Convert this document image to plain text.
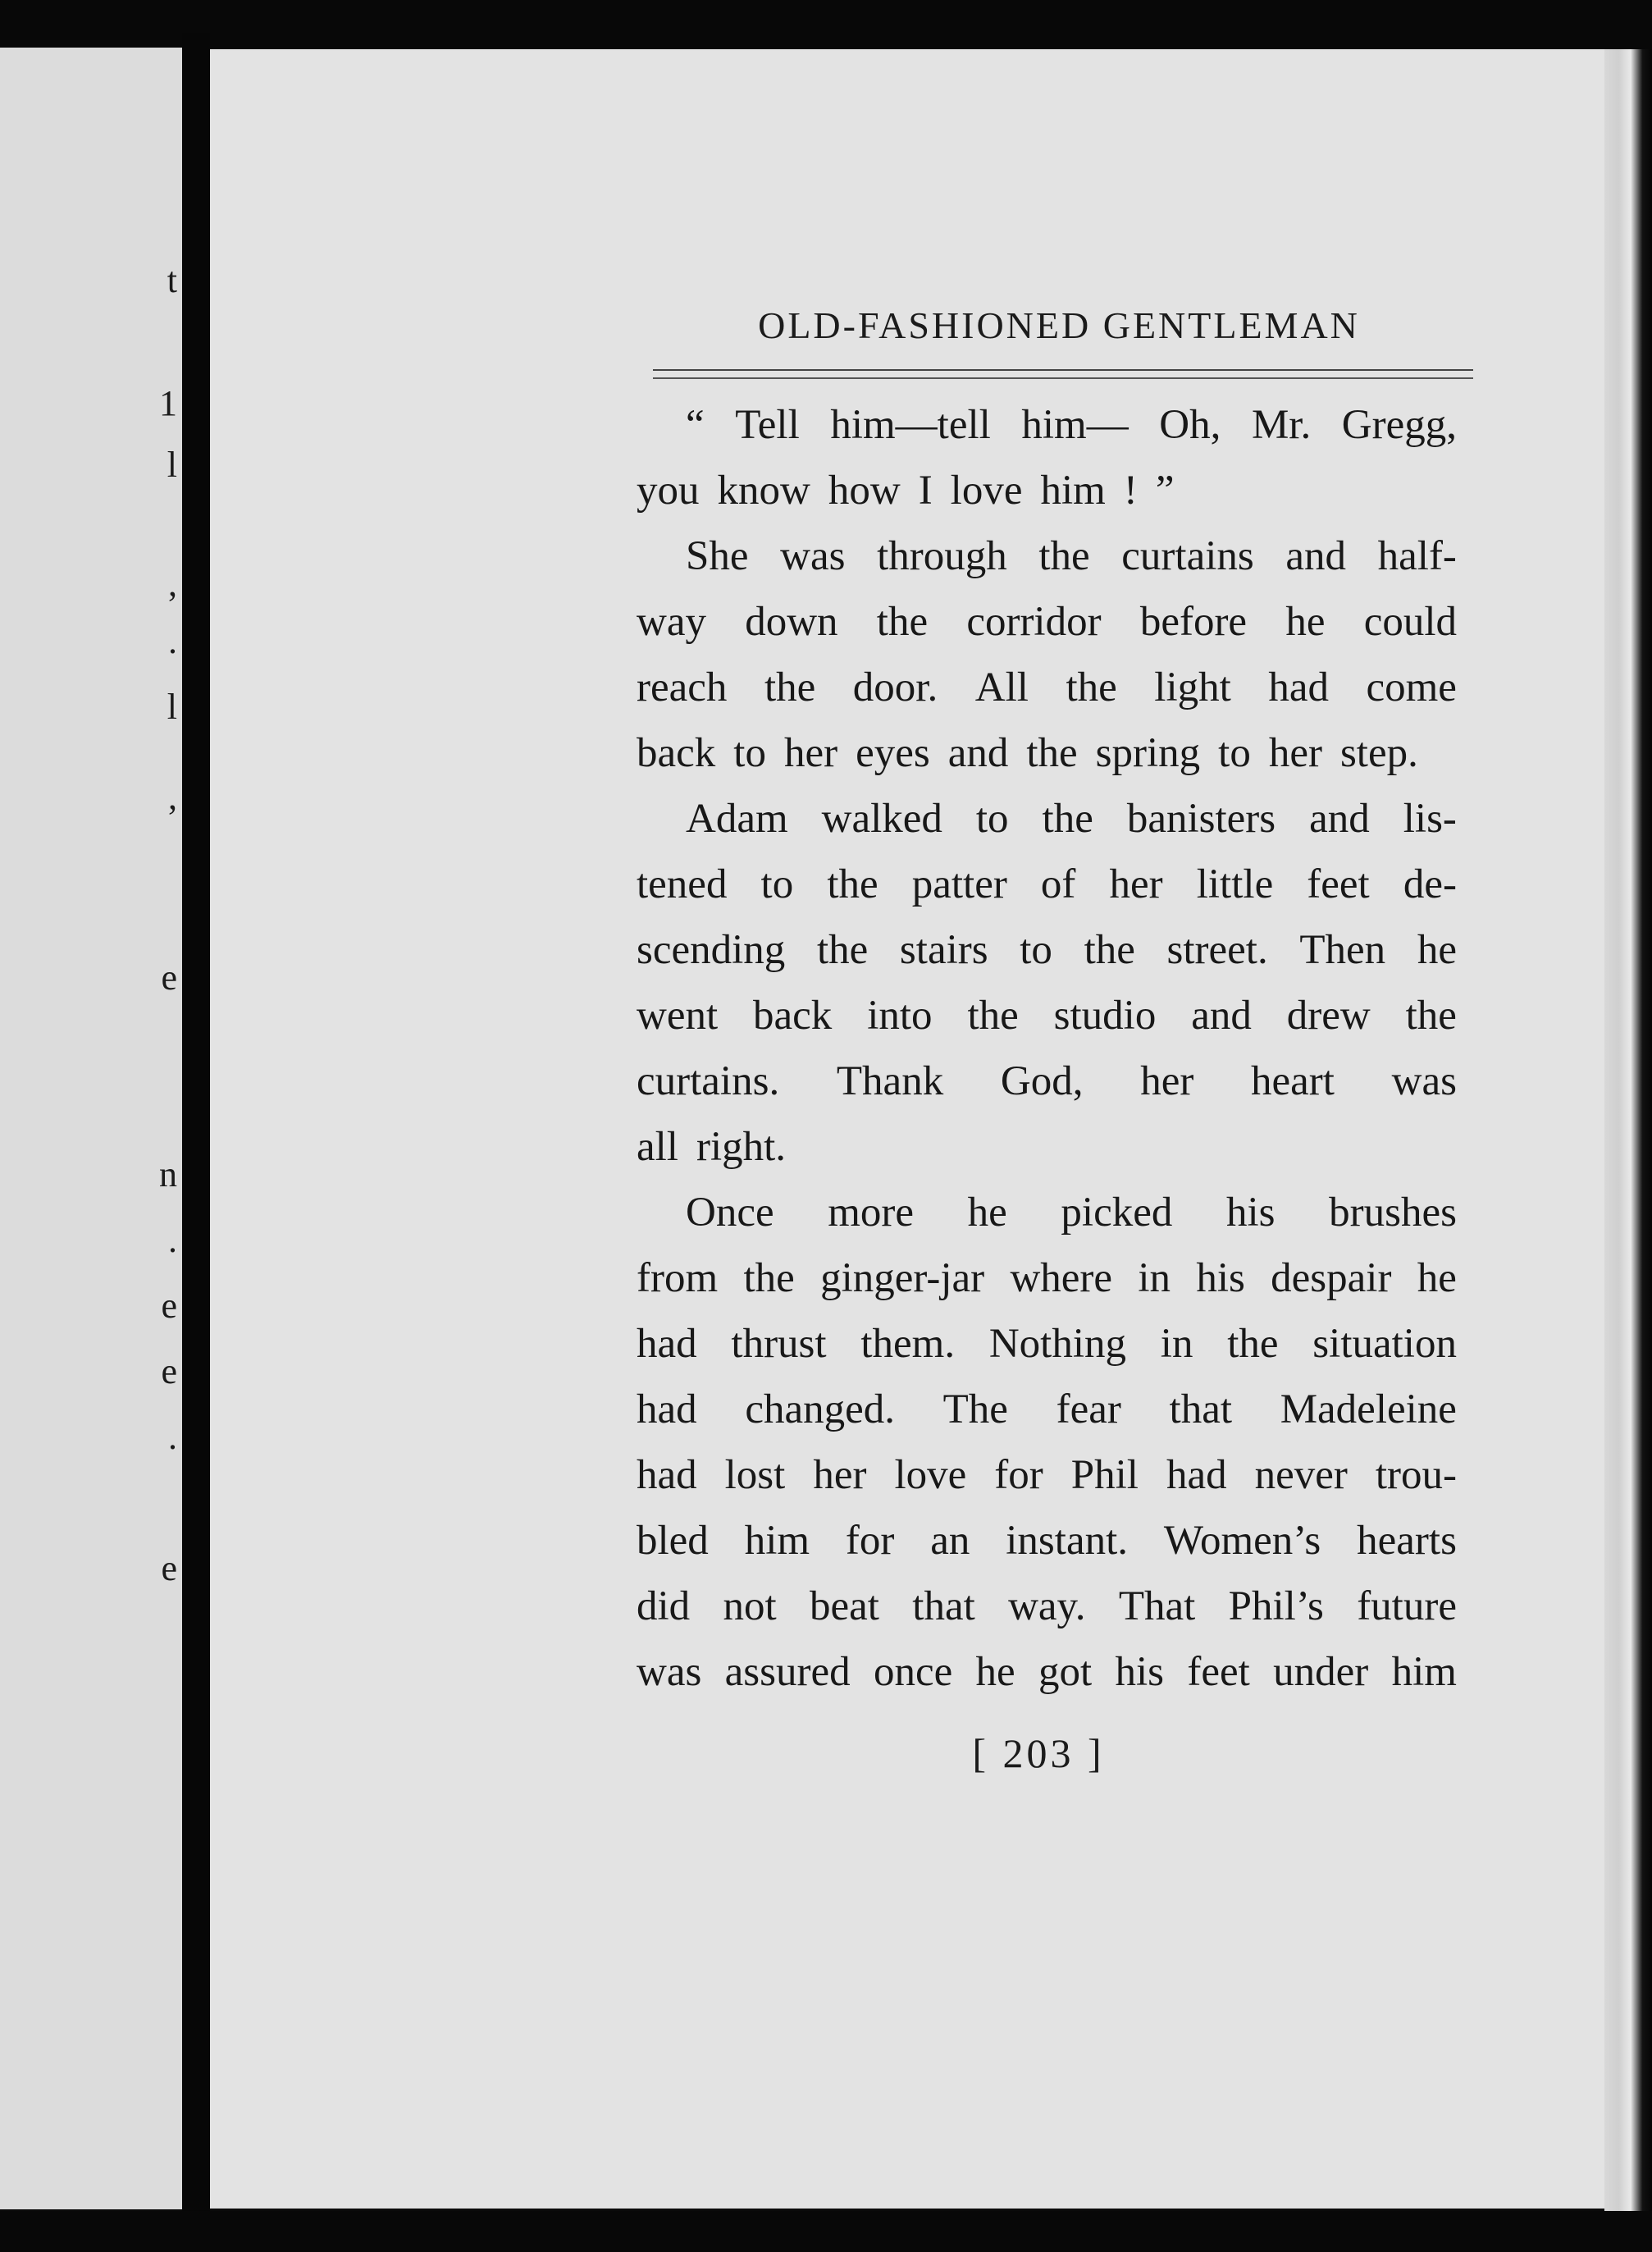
t
1
l
,
.
l
,
e
n
.
e
e
.
e
OLD-FASHIONED GENTLEMAN
“ Tell him—tell him— Oh, Mr. Gregg,
you know how I love him ! ”
She was through the curtains and half-
way down the corridor before he could
reach the door. All the light had come
back to her eyes and the spring to her step.
Adam walked to the banisters and lis-
tened to the patter of her little feet de-
scending the stairs to the street. Then he
went back into the studio and drew the
curtains. Thank God, her heart was
all right.
Once more he picked his brushes
from the ginger-jar where in his despair he
had thrust them. Nothing in the situation
had changed. The fear that Madeleine
had lost her love for Phil had never trou-
bled him for an instant. Women’s hearts
did not beat that way. That Phil’s future
was assured once he got his feet under him
[ 203 ]
